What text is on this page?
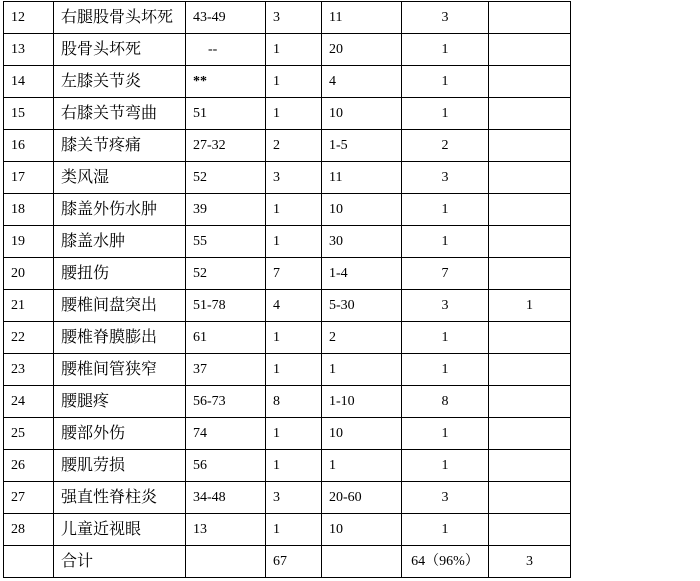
12	右腿股骨头坏死	43-49	3	11	3	
13	股骨头坏死	--	1	20	1	
14	左膝关节炎	**	1	4	1	
15	右膝关节弯曲	51	1	10	1	
16	膝关节疼痛	27-32	2	1-5	2	
17	类风湿	52	3	11	3	
18	膝盖外伤水肿	39	1	10	1	
19	膝盖水肿	55	1	30	1	
20	腰扭伤	52	7	1-4	7	
21	腰椎间盘突出	51-78	4	5-30	3	1
22	腰椎脊膜膨出	61	1	2	1	
23	腰椎间管狭窄	37	1	1	1	
24	腰腿疼	56-73	8	1-10	8	
25	腰部外伤	74	1	10	1	
26	腰肌劳损	56	1	1	1	
27	强直性脊柱炎	34-48	3	20-60	3	
28	儿童近视眼	13	1	10	1	
	合计		67		64（96%）	3
